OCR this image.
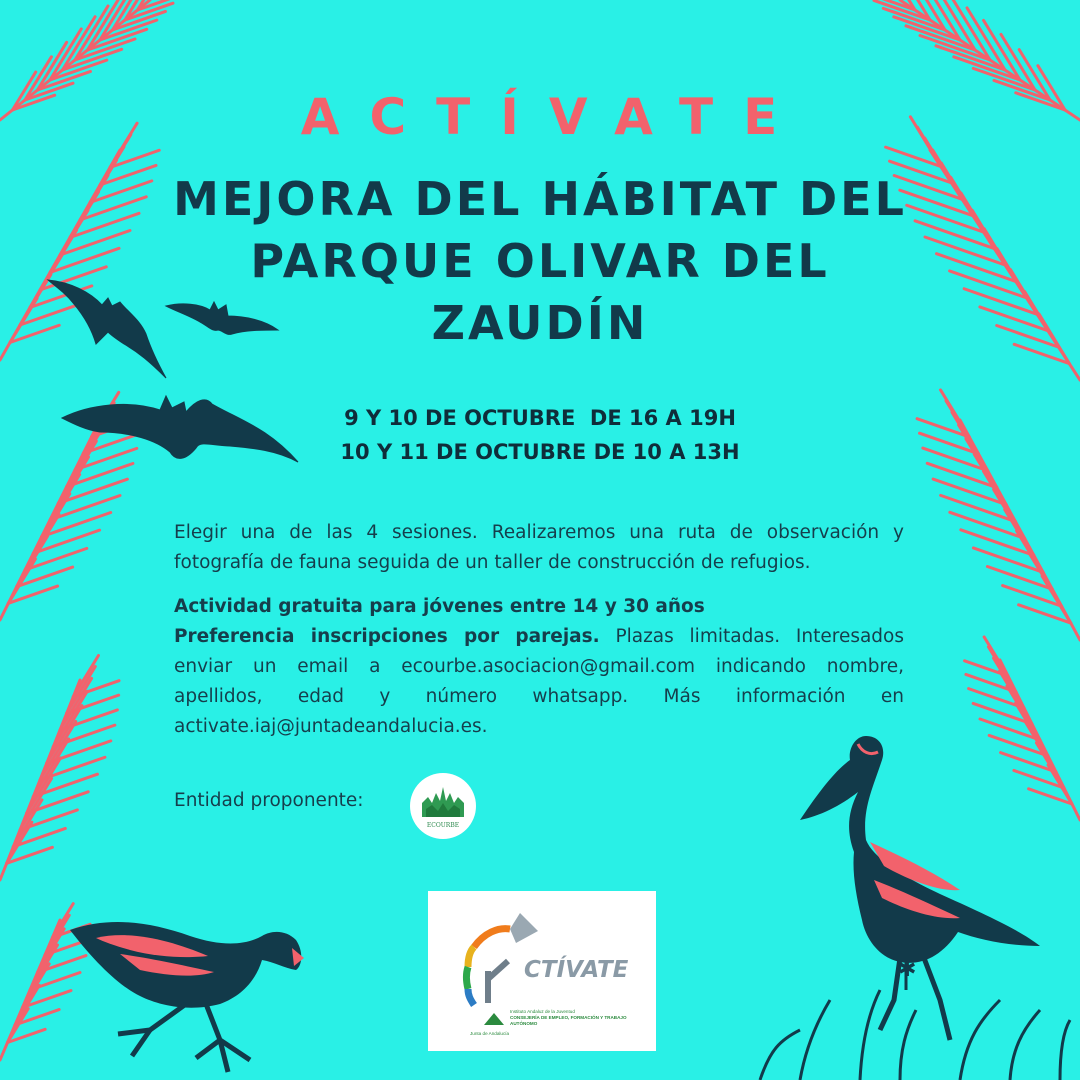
✱
ACTÍVATE
MEJORA DEL HÁBITAT DEL
PARQUE OLIVAR DEL
ZAUDÍN
9 Y 10 DE OCTUBRE  DE 16 A 19H
10 Y 11 DE OCTUBRE DE 10 A 13H

Elegir una de las 4 sesiones. Realizaremos una ruta de observación y fotografía de fauna seguida de un taller de construcción de refugios.

Actividad gratuita para jóvenes entre 14 y 30 años

Preferencia inscripciones por parejas. Plazas limitadas. Interesados enviar un email a ecourbe.asociacion@gmail.com indicando nombre, apellidos, edad y número whatsapp. Más información en activate.iaj@juntadeandalucia.es.

Entidad proponente:
ECOURBE
CTÍVATE
Instituto Andaluz de la Juventud
CONSEJERÍA DE EMPLEO, FORMACIÓN Y TRABAJO AUTÓNOMO
Junta de Andalucía
